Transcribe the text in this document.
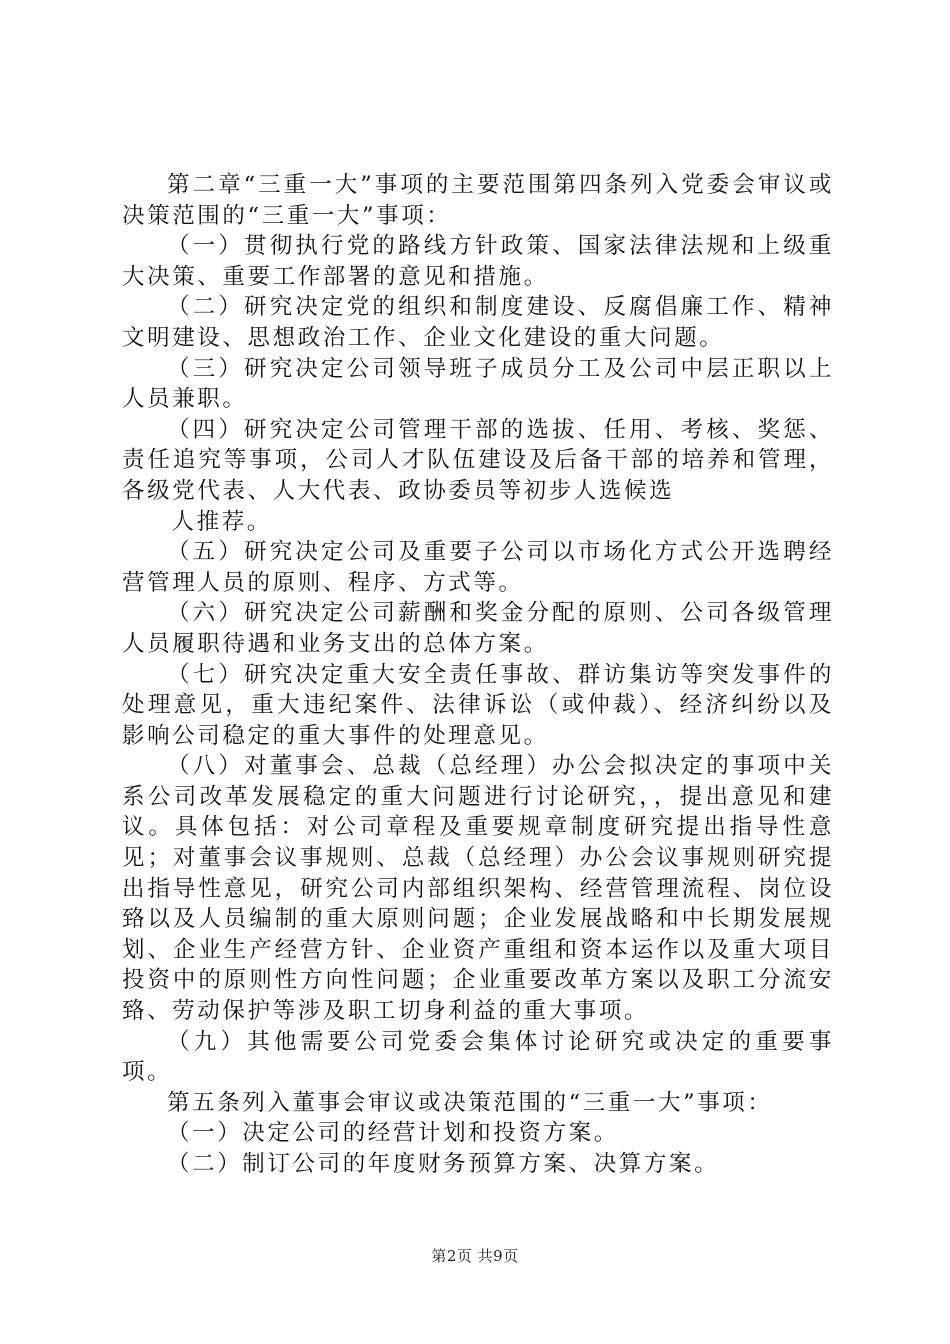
第二章“三重一大”事项的主要范围第四条列入党委会审议或决策范围的“三重一大”事项：

（一）贯彻执行党的路线方针政策、国家法律法规和上级重大决策、重要工作部署的意见和措施。

（二）研究决定党的组织和制度建设、反腐倡廉工作、精神文明建设、思想政治工作、企业文化建设的重大问题。

（三）研究决定公司领导班子成员分工及公司中层正职以上人员兼职。

（四）研究决定公司管理干部的选拔、任用、考核、奖惩、责任追究等事项，公司人才队伍建设及后备干部的培养和管理，各级党代表、人大代表、政协委员等初步人选候选

人推荐。

（五）研究决定公司及重要子公司以市场化方式公开选聘经营管理人员的原则、程序、方式等。

（六）研究决定公司薪酬和奖金分配的原则、公司各级管理人员履职待遇和业务支出的总体方案。

（七）研究决定重大安全责任事故、群访集访等突发事件的处理意见，重大违纪案件、法律诉讼（或仲裁）、经济纠纷以及影响公司稳定的重大事件的处理意见。

（八）对董事会、总裁（总经理）办公会拟决定的事项中关系公司改革发展稳定的重大问题进行讨论研究，，提出意见和建议。具体包括：对公司章程及重要规章制度研究提出指导性意见；对董事会议事规则、总裁（总经理）办公会议事规则研究提出指导性意见，研究公司内部组织架构、经营管理流程、岗位设臵以及人员编制的重大原则问题；企业发展战略和中长期发展规划、企业生产经营方针、企业资产重组和资本运作以及重大项目投资中的原则性方向性问题；企业重要改革方案以及职工分流安臵、劳动保护等涉及职工切身利益的重大事项。

（九）其他需要公司党委会集体讨论研究或决定的重要事项。

第五条列入董事会审议或决策范围的“三重一大”事项：

（一）决定公司的经营计划和投资方案。

（二）制订公司的年度财务预算方案、决算方案。

第2页 共9页
